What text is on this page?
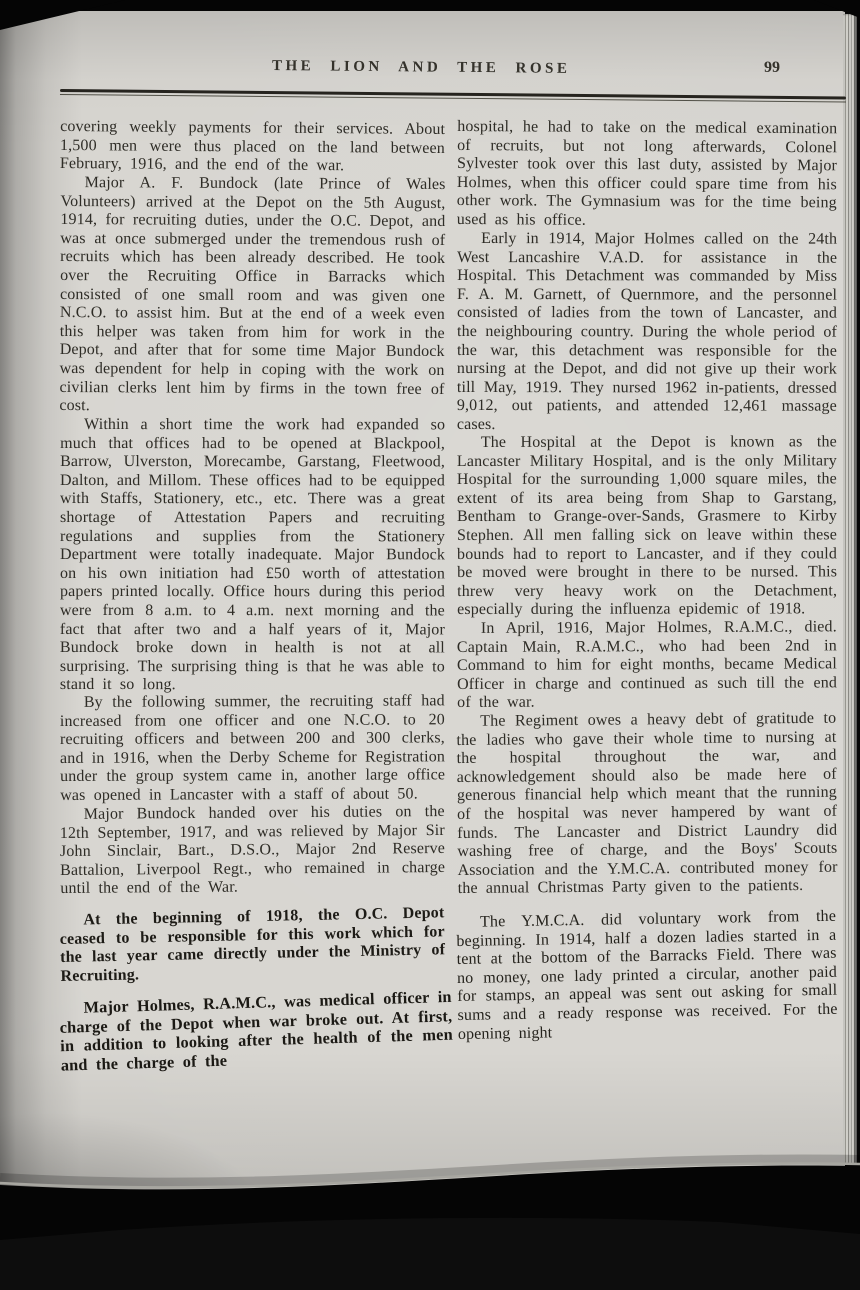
THE LION AND THE ROSE	99

covering weekly payments for their services. About 1,500 men were thus placed on the land between February, 1916, and the end of the war.

Major A. F. Bundock (late Prince of Wales Volunteers) arrived at the Depot on the 5th August, 1914, for recruiting duties, under the O.C. Depot, and was at once submerged under the tremendous rush of recruits which has been already described. He took over the Recruiting Office in Barracks which consisted of one small room and was given one N.C.O. to assist him. But at the end of a week even this helper was taken from him for work in the Depot, and after that for some time Major Bundock was dependent for help in coping with the work on civilian clerks lent him by firms in the town free of cost.

Within a short time the work had expanded so much that offices had to be opened at Blackpool, Barrow, Ulverston, Morecambe, Garstang, Fleetwood, Dalton, and Millom. These offices had to be equipped with Staffs, Stationery, etc., etc. There was a great shortage of Attestation Papers and recruiting regulations and supplies from the Stationery Department were totally inadequate. Major Bundock on his own initiation had £50 worth of attestation papers printed locally. Office hours during this period were from 8 a.m. to 4 a.m. next morning and the fact that after two and a half years of it, Major Bundock broke down in health is not at all surprising. The surprising thing is that he was able to stand it so long.

By the following summer, the recruiting staff had increased from one officer and one N.C.O. to 20 recruiting officers and between 200 and 300 clerks, and in 1916, when the Derby Scheme for Registration under the group system came in, another large office was opened in Lancaster with a staff of about 50.

Major Bundock handed over his duties on the 12th September, 1917, and was relieved by Major Sir John Sinclair, Bart., D.S.O., Major 2nd Reserve Battalion, Liverpool Regt., who remained in charge until the end of the War.

At the beginning of 1918, the O.C. Depot ceased to be responsible for this work which for the last year came directly under the Ministry of Recruiting.

Major Holmes, R.A.M.C., was medical officer in charge of the Depot when war broke out. At first, in addition to looking after the health of the men and the charge of the

hospital, he had to take on the medical examination of recruits, but not long afterwards, Colonel Sylvester took over this last duty, assisted by Major Holmes, when this officer could spare time from his other work. The Gymnasium was for the time being used as his office.

Early in 1914, Major Holmes called on the 24th West Lancashire V.A.D. for assistance in the Hospital. This Detachment was commanded by Miss F. A. M. Garnett, of Quernmore, and the personnel consisted of ladies from the town of Lancaster, and the neighbouring country. During the whole period of the war, this detachment was responsible for the nursing at the Depot, and did not give up their work till May, 1919. They nursed 1962 in-patients, dressed 9,012, out patients, and attended 12,461 massage cases.

The Hospital at the Depot is known as the Lancaster Military Hospital, and is the only Military Hospital for the surrounding 1,000 square miles, the extent of its area being from Shap to Garstang, Bentham to Grange-over-Sands, Grasmere to Kirby Stephen. All men falling sick on leave within these bounds had to report to Lancaster, and if they could be moved were brought in there to be nursed. This threw very heavy work on the Detachment, especially during the influenza epidemic of 1918.

In April, 1916, Major Holmes, R.A.M.C., died. Captain Main, R.A.M.C., who had been 2nd in Command to him for eight months, became Medical Officer in charge and continued as such till the end of the war.

The Regiment owes a heavy debt of gratitude to the ladies who gave their whole time to nursing at the hospital throughout the war, and acknowledgement should also be made here of generous financial help which meant that the running of the hospital was never hampered by want of funds. The Lancaster and District Laundry did washing free of charge, and the Boys' Scouts Association and the Y.M.C.A. contributed money for the annual Christmas Party given to the patients.

The Y.M.C.A. did voluntary work from the beginning. In 1914, half a dozen ladies started in a tent at the bottom of the Barracks Field. There was no money, one lady printed a circular, another paid for stamps, an appeal was sent out asking for small sums and a ready response was received. For the opening night
